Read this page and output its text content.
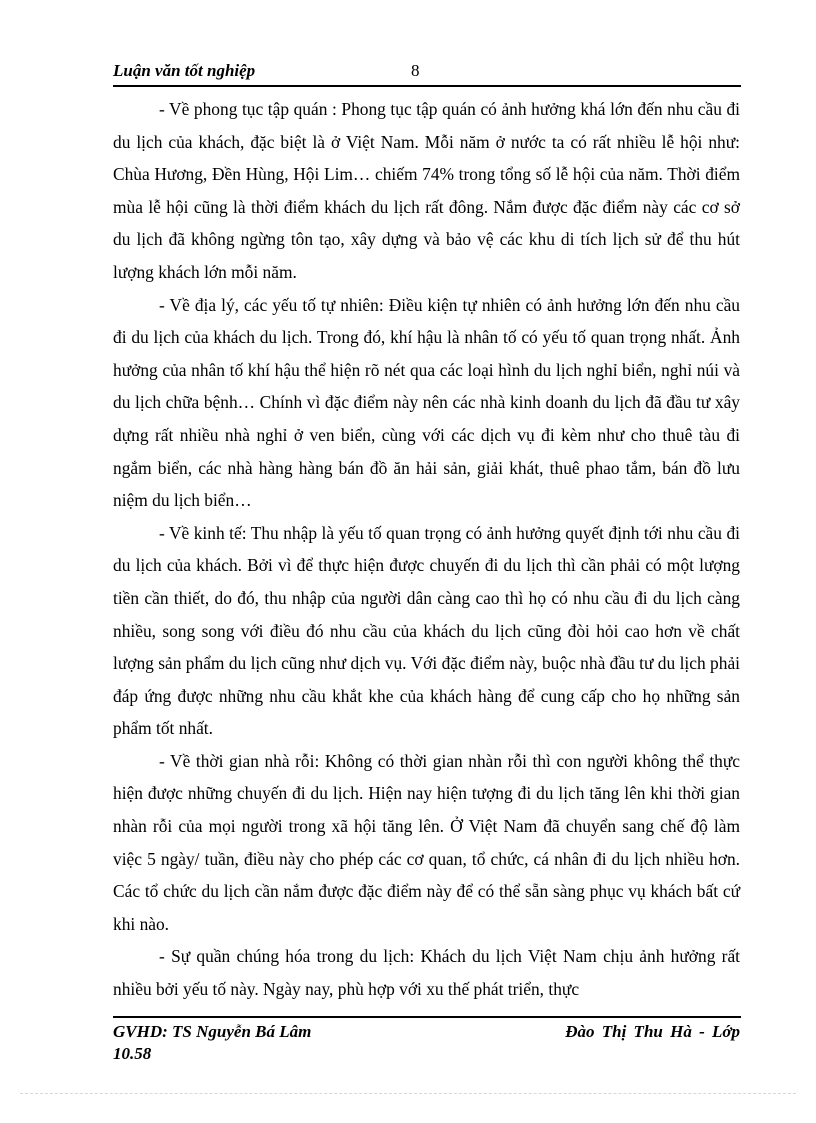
Luận văn tốt nghiệp	8

- Về phong tục tập quán : Phong tục tập quán có ảnh hưởng khá lớn đến nhu cầu đi du lịch của khách, đặc biệt là ở Việt Nam. Mỗi năm ở nước ta có rất nhiều lễ hội như: Chùa Hương, Đền Hùng, Hội Lim… chiếm 74% trong tổng số lễ hội của năm. Thời điểm mùa lễ hội cũng là thời điểm khách du lịch rất đông. Nắm được đặc điểm này các cơ sở du lịch đã không ngừng tôn tạo, xây dựng và bảo vệ các khu di tích lịch sử để thu hút lượng khách lớn mỗi năm.

- Về địa lý, các yếu tố tự nhiên: Điều kiện tự nhiên có ảnh hưởng lớn đến nhu cầu đi du lịch của khách du lịch. Trong đó, khí hậu là nhân tố có yếu tố quan trọng nhất. Ảnh hưởng của nhân tố khí hậu thể hiện rõ nét qua các loại hình du lịch nghỉ biển, nghỉ núi và du lịch chữa bệnh… Chính vì đặc điểm này nên các nhà kinh doanh du lịch đã đầu tư xây dựng rất nhiều nhà nghỉ ở ven biển, cùng với các dịch vụ đi kèm như cho thuê tàu đi ngắm biển, các nhà hàng hàng bán đồ ăn hải sản, giải khát, thuê phao tắm, bán đồ lưu niệm du lịch biển…

- Về kinh tế: Thu nhập là yếu tố quan trọng có ảnh hưởng quyết định tới nhu cầu đi du lịch của khách. Bởi vì để thực hiện được chuyến đi du lịch thì cần phải có một lượng tiền cần thiết, do đó, thu nhập của người dân càng cao thì họ có nhu cầu đi du lịch càng nhiều, song song với điều đó nhu cầu của khách du lịch cũng đòi hỏi cao hơn về chất lượng sản phẩm du lịch cũng như dịch vụ. Với đặc điểm này, buộc nhà đầu tư du lịch phải đáp ứng được những nhu cầu khắt khe của khách hàng để cung cấp cho họ những sản phẩm tốt nhất.

- Về thời gian nhà rỗi: Không có thời gian nhàn rỗi thì con người không thể thực hiện được những chuyến đi du lịch. Hiện nay hiện tượng đi du lịch tăng lên khi thời gian nhàn rỗi của mọi người trong xã hội tăng lên. Ở Việt Nam đã chuyển sang chế độ làm việc 5 ngày/ tuần, điều này cho phép các cơ quan, tổ chức, cá nhân đi du lịch nhiều hơn. Các tổ chức du lịch cần nắm được đặc điểm này để có thể sẵn sàng phục vụ khách bất cứ khi nào.

- Sự quần chúng hóa trong du lịch: Khách du lịch Việt Nam chịu ảnh hưởng rất nhiều bởi yếu tố này. Ngày nay, phù hợp với xu thế phát triển, thực

GVHD: TS Nguyễn Bá Lâm
10.58
Đào Thị Thu Hà - Lớp
